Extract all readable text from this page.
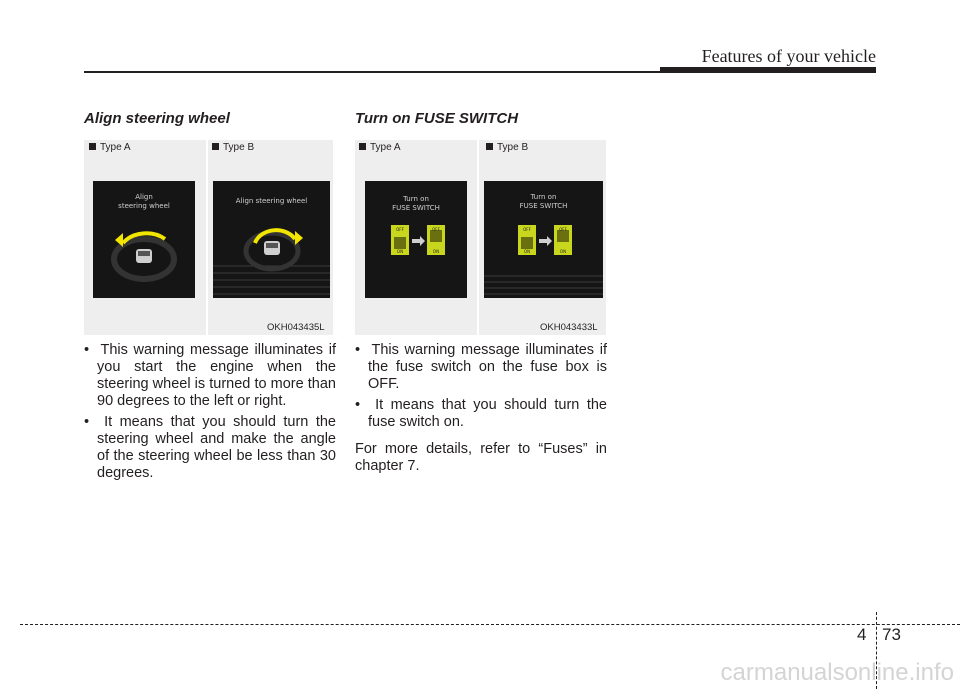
Features of your vehicle
Align steering wheel
Type A	Type B
Align
steering wheel
Align steering wheel
OKH043435L

•  This warning message illuminates if you start the engine when the steering wheel is turned to more than 90 degrees to the left or right.

•  It means that you should turn the steering wheel and make the angle of the steering wheel be less than 30 degrees.

Turn on FUSE SWITCH
Type A	Type B
Turn on
FUSE SWITCH
OFF
ON
OFF
ON
Turn on
FUSE SWITCH
OFF
ON
OFF
ON
OKH043433L

•  This warning message illuminates if the fuse switch on the fuse box is OFF.

•  It means that you should turn the fuse switch on.

For more details, refer to “Fuses” in chapter 7.

4 73
carmanualsonline.info
